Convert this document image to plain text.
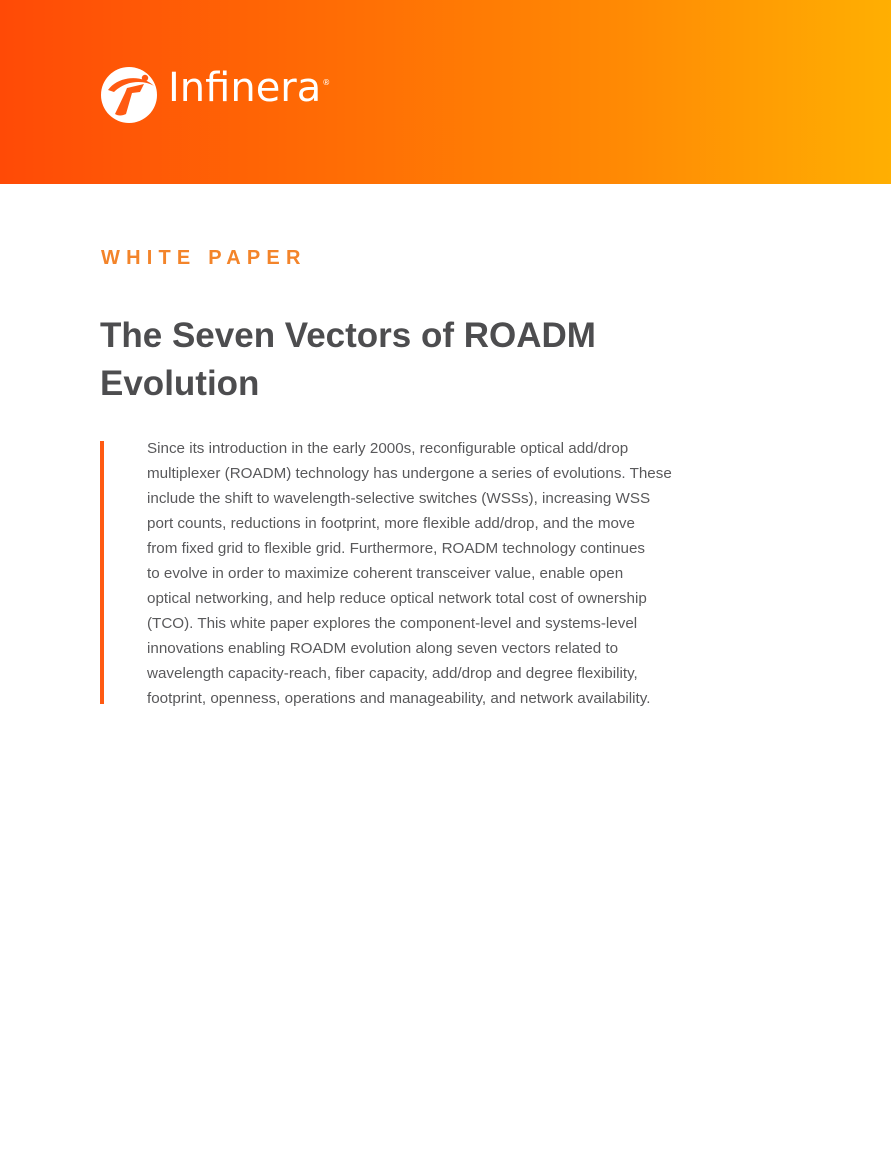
Infinera®
WHITE PAPER
The Seven Vectors of ROADM Evolution

Since its introduction in the early 2000s, reconfigurable optical add/drop
multiplexer (ROADM) technology has undergone a series of evolutions. These
include the shift to wavelength-selective switches (WSSs), increasing WSS
port counts, reductions in footprint, more flexible add/drop, and the move
from fixed grid to flexible grid. Furthermore, ROADM technology continues
to evolve in order to maximize coherent transceiver value, enable open
optical networking, and help reduce optical network total cost of ownership
(TCO). This white paper explores the component-level and systems-level
innovations enabling ROADM evolution along seven vectors related to
wavelength capacity-reach, fiber capacity, add/drop and degree flexibility,
footprint, openness, operations and manageability, and network availability.
